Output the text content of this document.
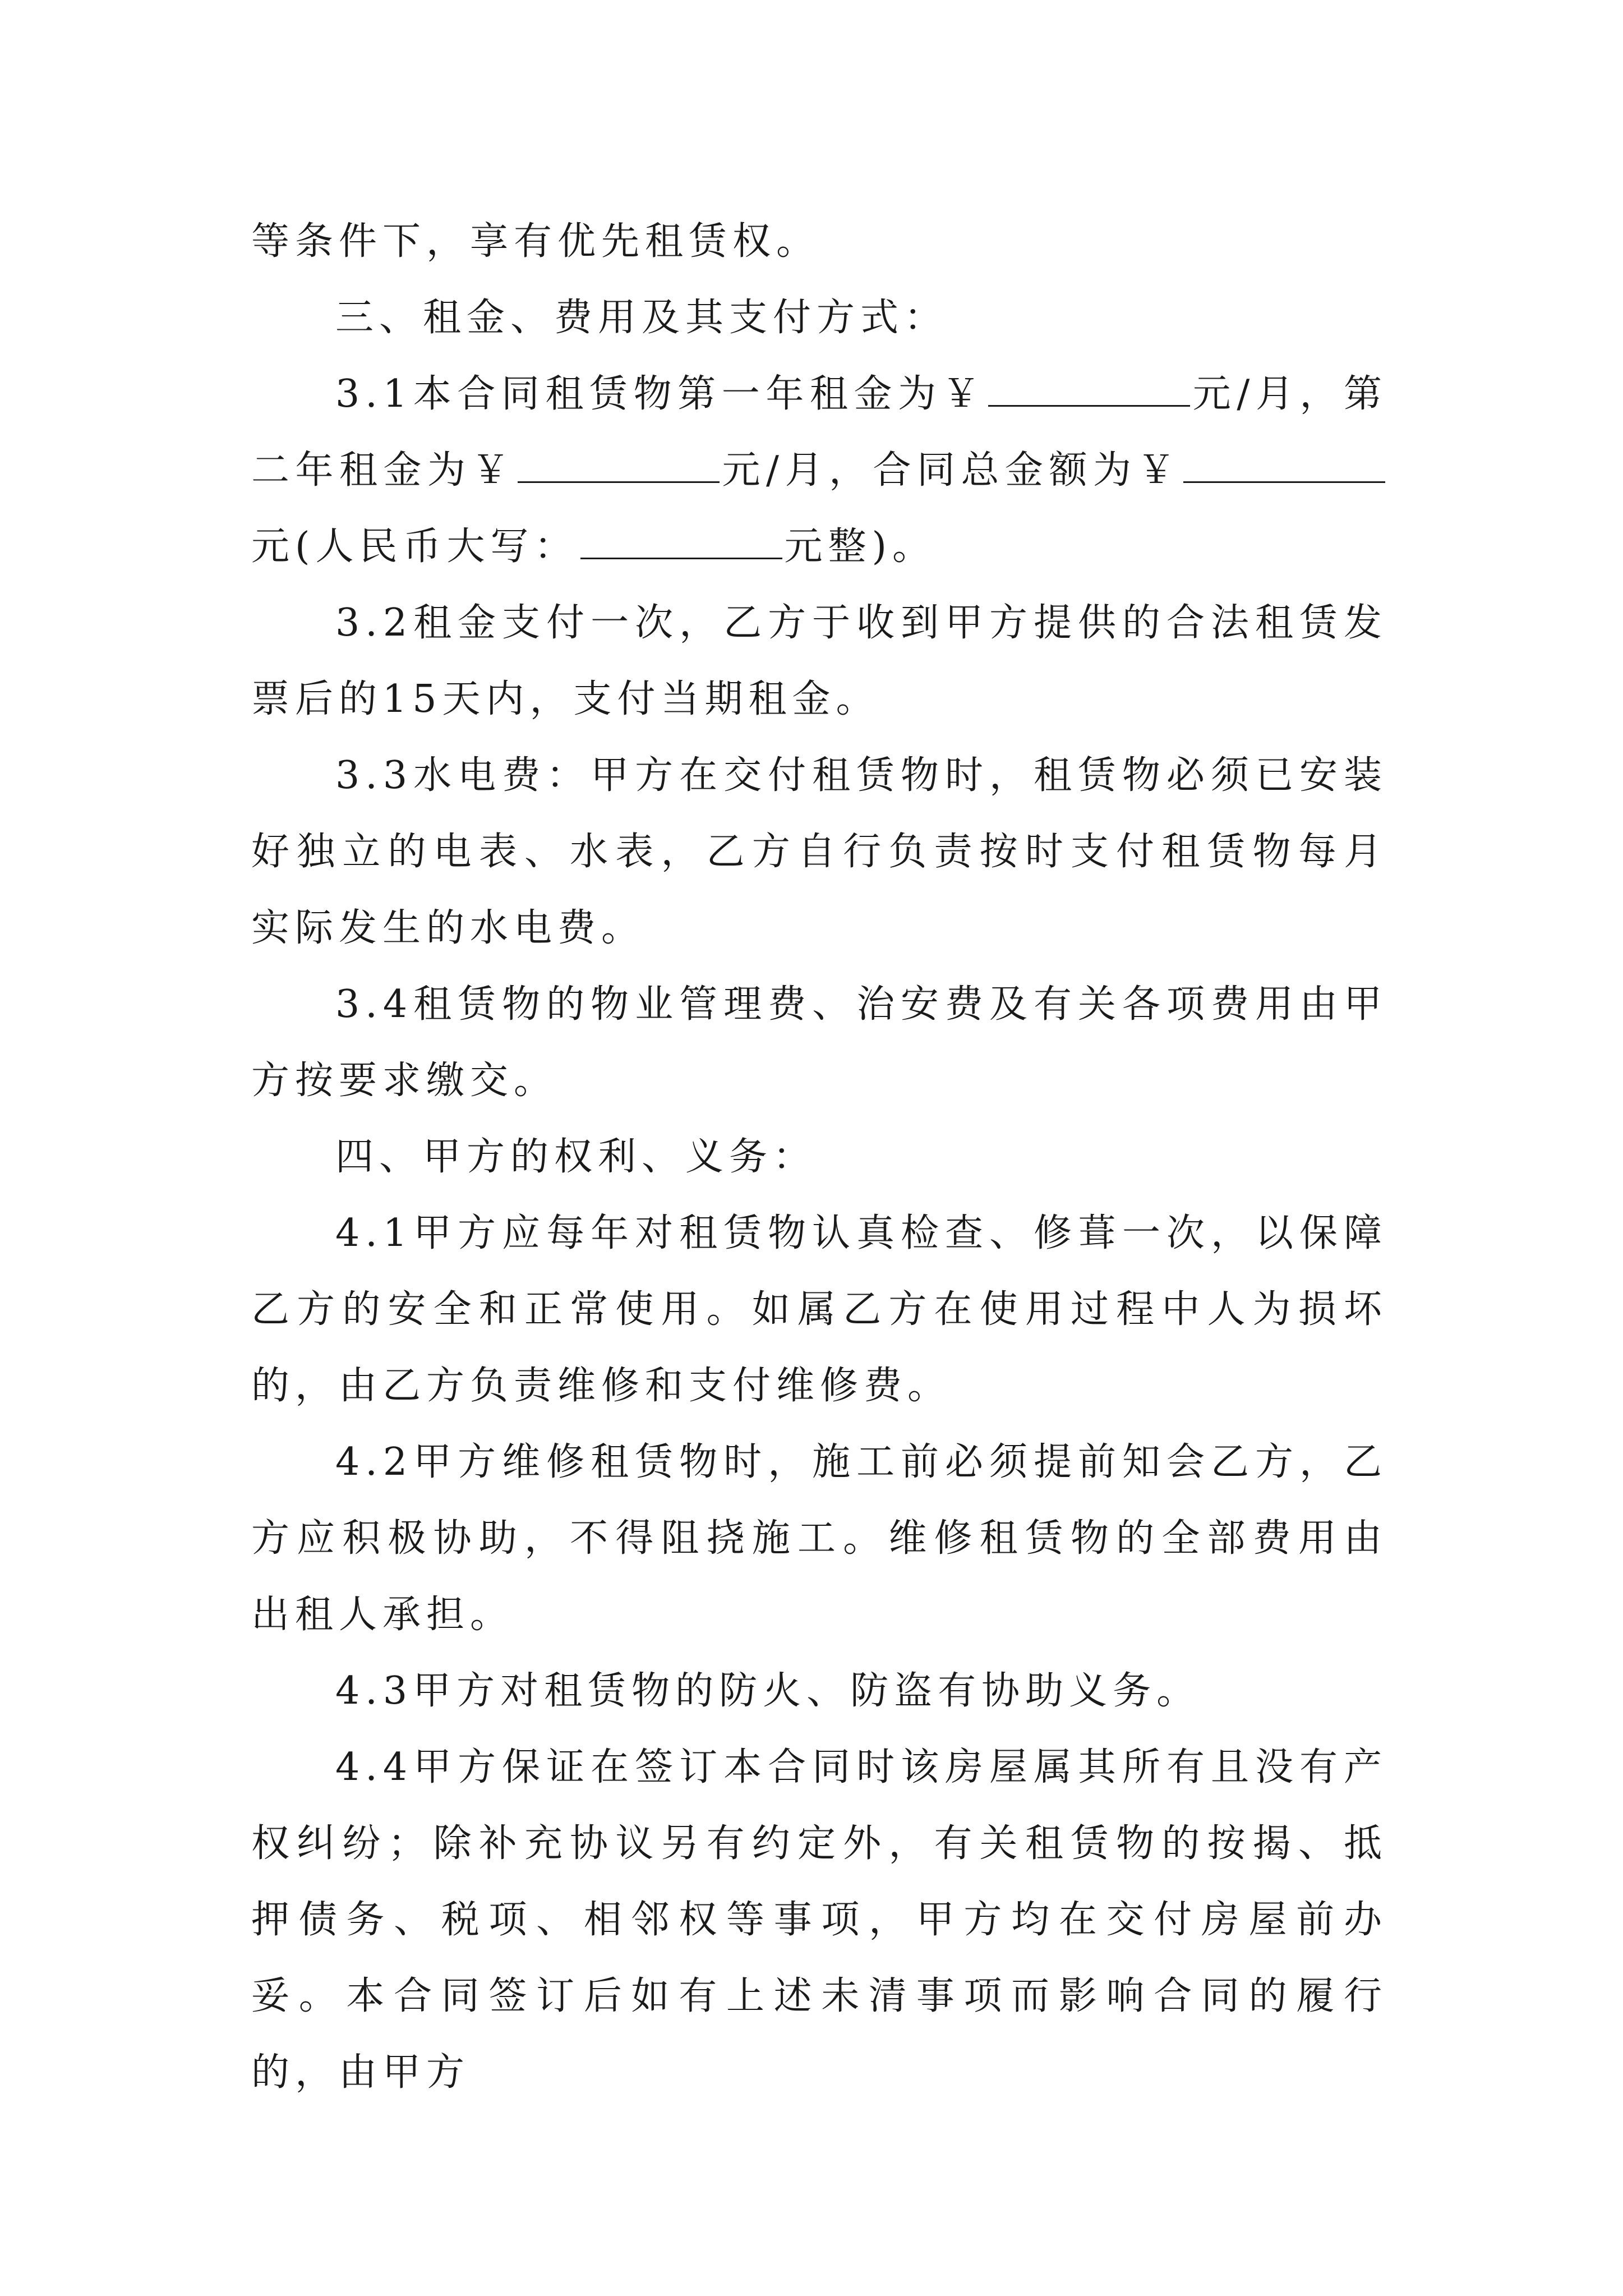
等条件下，享有优先租赁权。

三、租金、费用及其支付方式：

3.1本合同租赁物第一年租金为￥	元/月，第二年租金为￥	元/月，合同总金额为￥元(人民币大写：	元整)。

3.2租金支付一次，乙方于收到甲方提供的合法租赁发票后的15天内，支付当期租金。

3.3水电费：甲方在交付租赁物时，租赁物必须已安装好独立的电表、水表，乙方自行负责按时支付租赁物每月实际发生的水电费。

3.4租赁物的物业管理费、治安费及有关各项费用由甲方按要求缴交。

四、甲方的权利、义务：

4.1甲方应每年对租赁物认真检查、修葺一次，以保障乙方的安全和正常使用。如属乙方在使用过程中人为损坏的，由乙方负责维修和支付维修费。

4.2甲方维修租赁物时，施工前必须提前知会乙方，乙方应积极协助，不得阻挠施工。维修租赁物的全部费用由出租人承担。

4.3甲方对租赁物的防火、防盗有协助义务。

4.4甲方保证在签订本合同时该房屋属其所有且没有产权纠纷；除补充协议另有约定外，有关租赁物的按揭、抵押债务、税项、相邻权等事项，甲方均在交付房屋前办妥。本合同签订后如有上述未清事项而影响合同的履行的，由甲方
